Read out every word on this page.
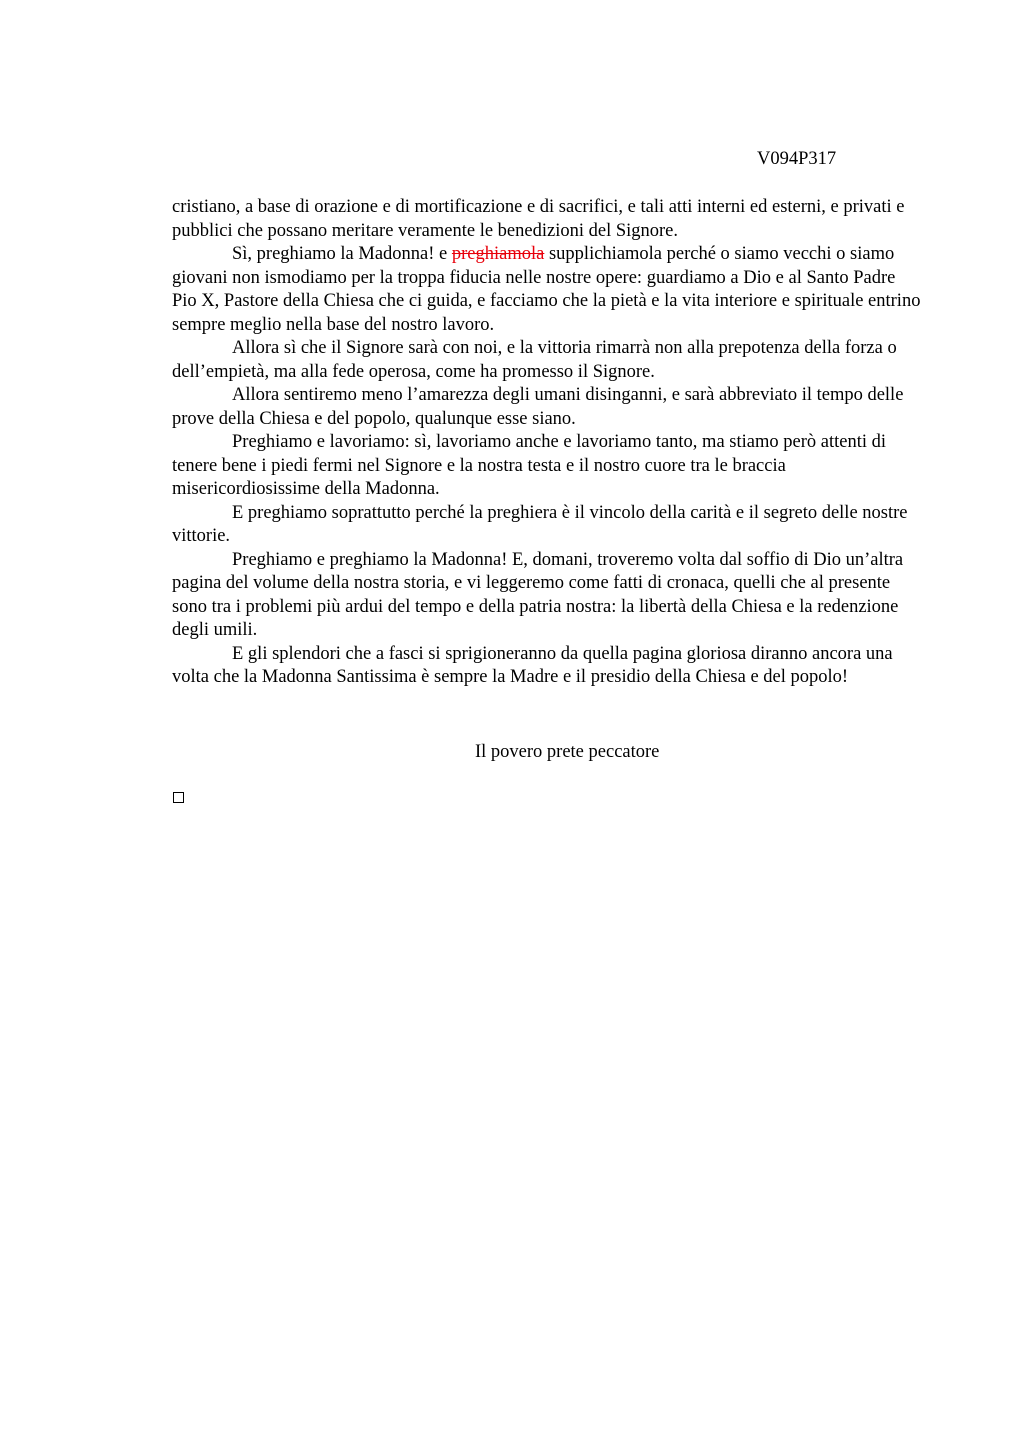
V094P317

cristiano, a base di orazione e di mortificazione e di sacrifici, e tali atti interni ed esterni, e privati e pubblici che possano meritare veramente le benedizioni del Signore.

Sì, preghiamo la Madonna! e preghiamola supplichiamola perché o siamo vecchi o siamo giovani non ismodiamo per la troppa fiducia nelle nostre opere: guardiamo a Dio e al Santo Padre Pio X, Pastore della Chiesa che ci guida, e facciamo che la pietà e la vita interiore e spirituale entrino sempre meglio nella base del nostro lavoro.

Allora sì che il Signore sarà con noi, e la vittoria rimarrà non alla prepotenza della forza o dell’empietà, ma alla fede operosa, come ha promesso il Signore.

Allora sentiremo meno l’amarezza degli umani disinganni, e sarà abbreviato il tempo delle prove della Chiesa e del popolo, qualunque esse siano.

Preghiamo e lavoriamo: sì, lavoriamo anche e lavoriamo tanto, ma stiamo però attenti di tenere bene i piedi fermi nel Signore e la nostra testa e il nostro cuore tra le braccia misericordiosissime della Madonna.

E preghiamo soprattutto perché la preghiera è il vincolo della carità e il segreto delle nostre vittorie.

Preghiamo e preghiamo la Madonna! E, domani, troveremo volta dal soffio di Dio un’altra pagina del volume della nostra storia, e vi leggeremo come fatti di cronaca, quelli che al presente sono tra i problemi più ardui del tempo e della patria nostra: la libertà della Chiesa e la redenzione degli umili.

E gli splendori che a fasci si sprigioneranno da quella pagina gloriosa diranno ancora una volta che la Madonna Santissima è sempre la Madre e il presidio della Chiesa e del popolo!

Il povero prete peccatore
